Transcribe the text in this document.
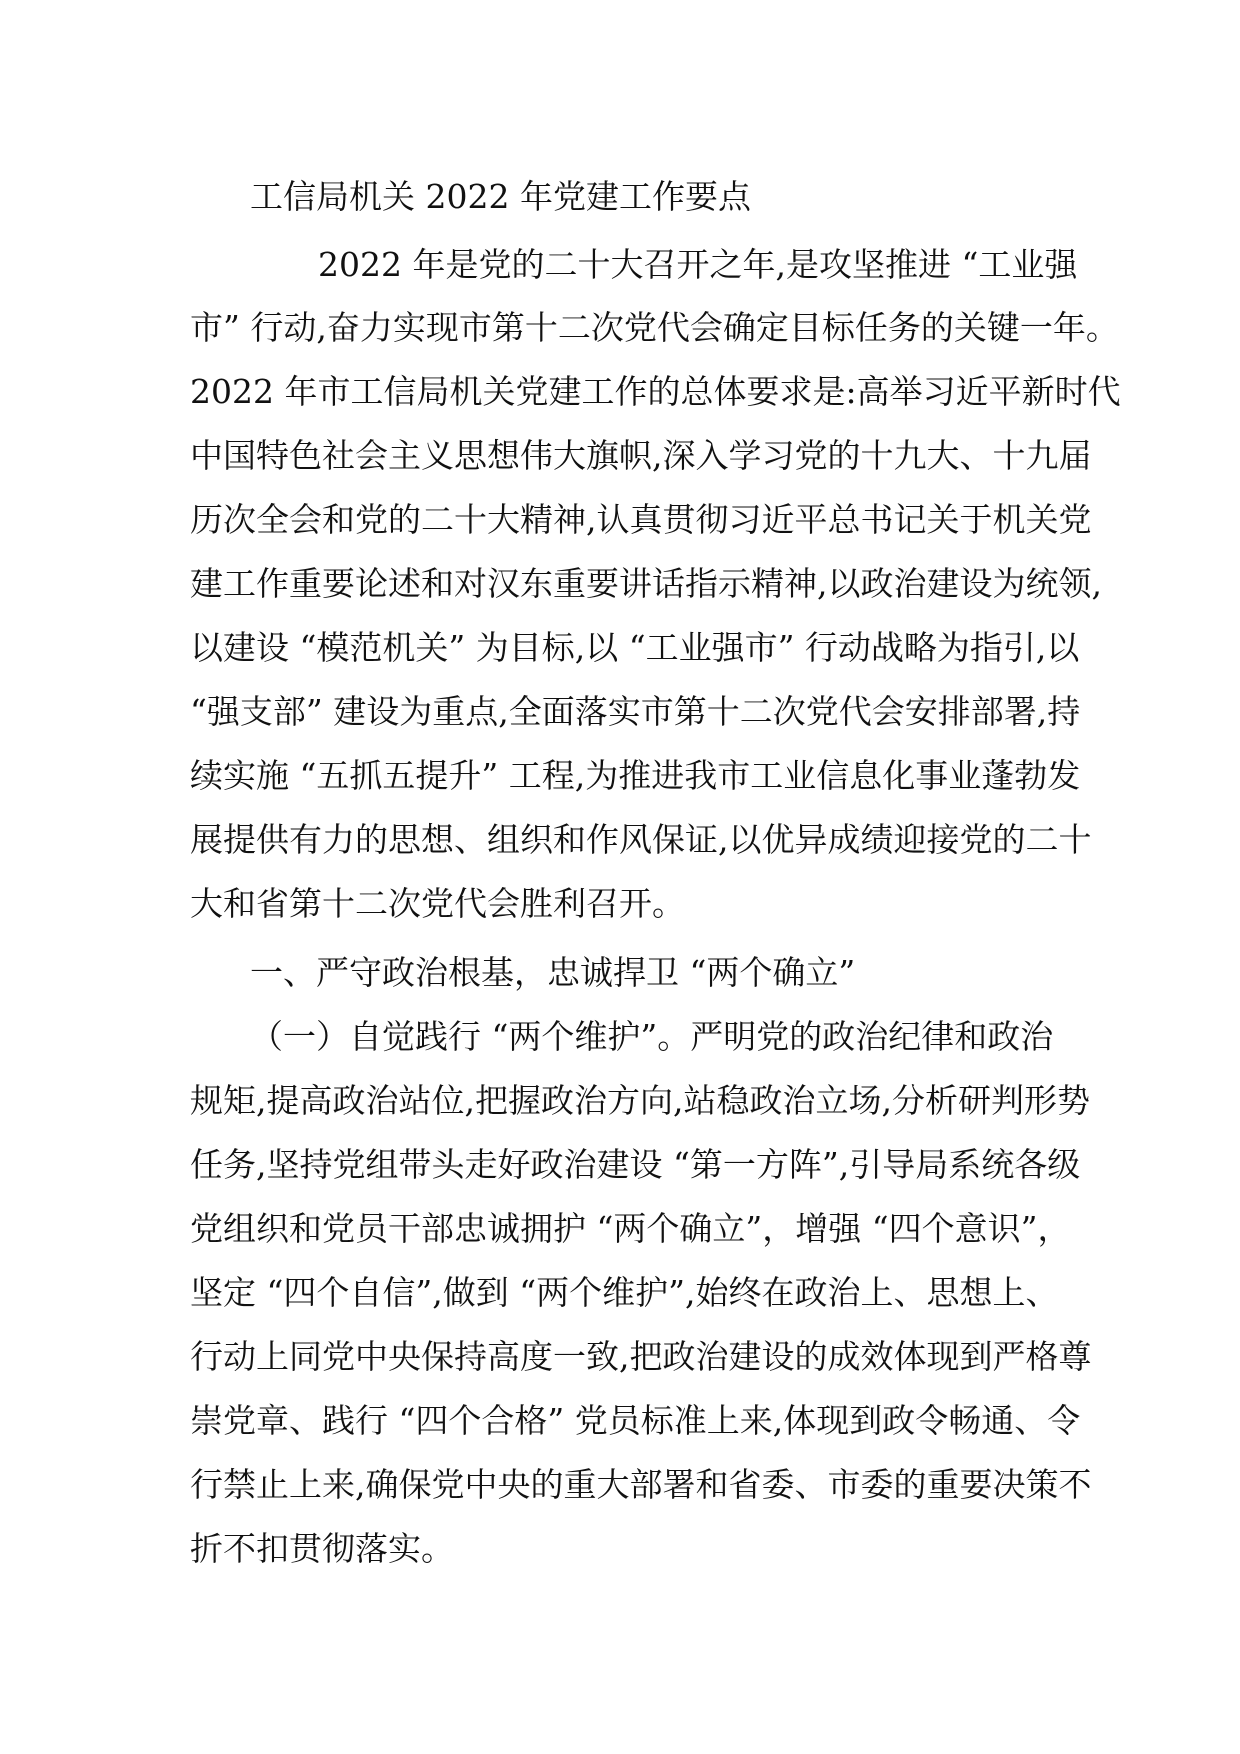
工信局机关 2022 年党建工作要点
2022 年是党的二十大召开之年,是攻坚推进 “工业强
市” 行动,奋力实现市第十二次党代会确定目标任务的关键一年。
2022 年市工信局机关党建工作的总体要求是:高举习近平新时代
中国特色社会主义思想伟大旗帜,深入学习党的十九大、十九届
历次全会和党的二十大精神,认真贯彻习近平总书记关于机关党
建工作重要论述和对汉东重要讲话指示精神,以政治建设为统领,
以建设 “模范机关” 为目标,以 “工业强市” 行动战略为指引,以
“强支部” 建设为重点,全面落实市第十二次党代会安排部署,持
续实施 “五抓五提升” 工程,为推进我市工业信息化事业蓬勃发
展提供有力的思想、组织和作风保证,以优异成绩迎接党的二十
大和省第十二次党代会胜利召开。
一、严守政治根基，忠诚捍卫 “两个确立”
（一）自觉践行 “两个维护”。严明党的政治纪律和政治
规矩,提高政治站位,把握政治方向,站稳政治立场,分析研判形势
任务,坚持党组带头走好政治建设 “第一方阵”,引导局系统各级
党组织和党员干部忠诚拥护 “两个确立”，增强 “四个意识”，
坚定 “四个自信”,做到 “两个维护”,始终在政治上、思想上、
行动上同党中央保持高度一致,把政治建设的成效体现到严格尊
崇党章、践行 “四个合格” 党员标准上来,体现到政令畅通、令
行禁止上来,确保党中央的重大部署和省委、市委的重要决策不
折不扣贯彻落实。
